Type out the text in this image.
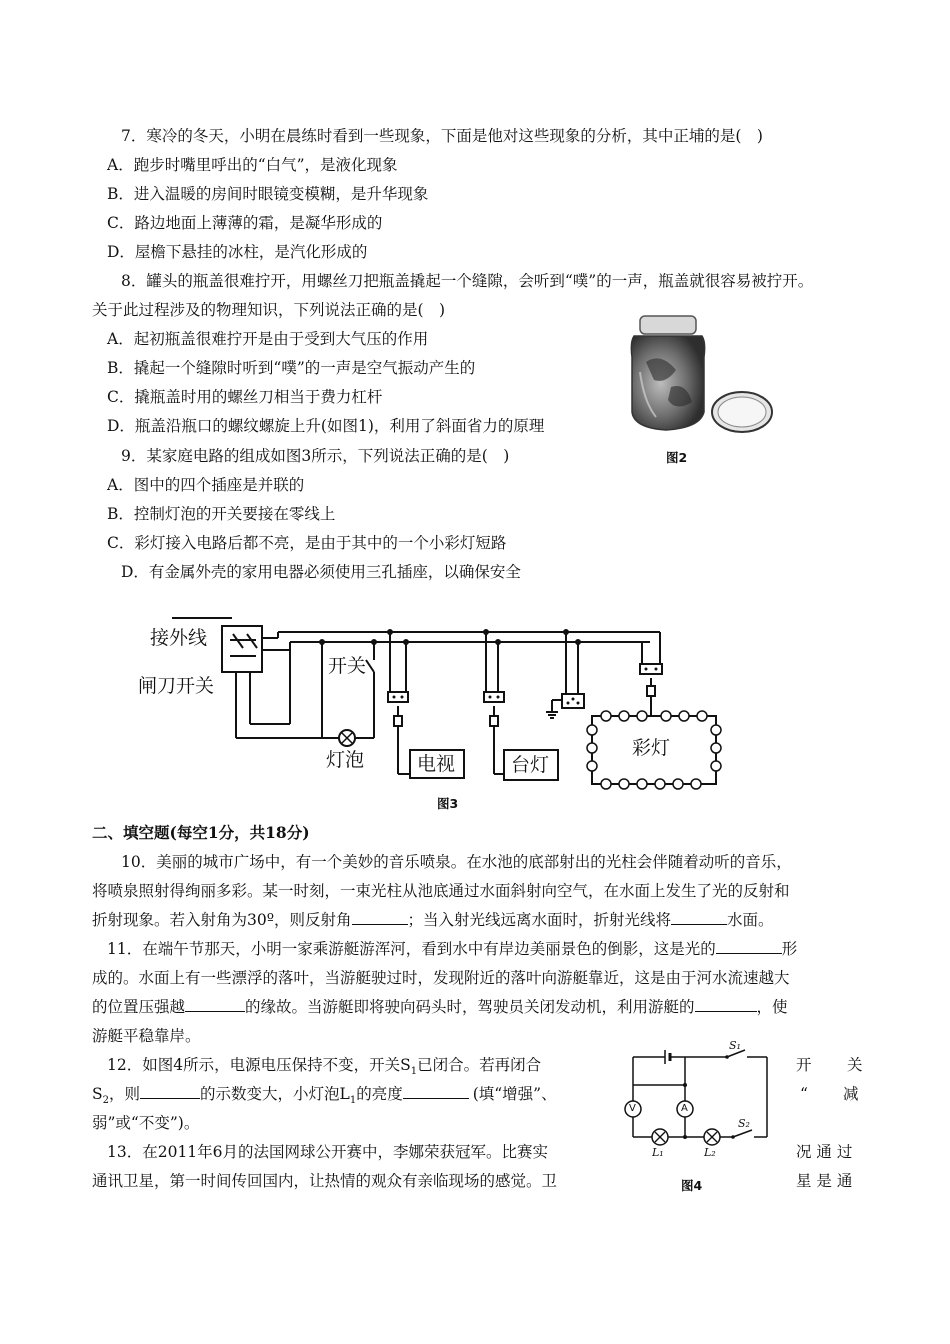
7．寒冷的冬天，小明在晨练时看到一些现象，下面是他对这些现象的分析，其中正埔的是(　)
A．跑步时嘴里呼出的“白气”，是液化现象
B．进入温暖的房间时眼镜变模糊，是升华现象
C．路边地面上薄薄的霜，是凝华形成的
D．屋檐下悬挂的冰柱，是汽化形成的
8．罐头的瓶盖很难拧开，用螺丝刀把瓶盖撬起一个缝隙，会听到“噗”的一声，瓶盖就很容易被拧开。
关于此过程涉及的物理知识，下列说法正确的是(　)
A．起初瓶盖很难拧开是由于受到大气压的作用
B．撬起一个缝隙时听到“噗”的一声是空气振动产生的
C．撬瓶盖时用的螺丝刀相当于费力杠杆
D．瓶盖沿瓶口的螺纹螺旋上升(如图1)，利用了斜面省力的原理
图2
9．某家庭电路的组成如图3所示，下列说法正确的是(　)
A．图中的四个插座是并联的
B．控制灯泡的开关要接在零线上
C．彩灯接入电路后都不亮，是由于其中的一个小彩灯短路
D．有金属外壳的家用电器必须使用三孔插座，以确保安全
接外线
闸刀开关
开关
灯泡	电视	台灯
彩灯
图3
二、填空题(每空1分，共18分)
10．美丽的城市广场中，有一个美妙的音乐喷泉。在水池的底部射出的光柱会伴随着动听的音乐，
将喷泉照射得绚丽多彩。某一时刻，一束光柱从池底通过水面斜射向空气，在水面上发生了光的反射和
折射现象。若入射角为30º，则反射角	；当入射光线远离水面时，折射光线将	水面。
11．在端午节那天，小明一家乘游艇游浑河，看到水中有岸边美丽景色的倒影，这是光的	形
成的。水面上有一些漂浮的落叶，当游艇驶过时，发现附近的落叶向游艇靠近，这是由于河水流速越大
的位置压强越	的缘故。当游艇即将驶向码头时，驾驶员关闭发动机，利用游艇的	，使
游艇平稳靠岸。
12．如图4所示，电源电压保持不变，开关$S_1$已闭合。若再闭合	开 关
$S_2$，则	的示数变大，小灯泡$L_1$的亮度	(填“增强”、	“ 减
弱”或“不变”)。
13．在2011年6月的法国网球公开赛中，李娜荣获冠军。比赛实	况 通 过
通讯卫星，第一时间传回国内，让热情的观众有亲临现场的感觉。卫	星 是 通
V	A
S₁
S₂
L₁	L₂
图4
